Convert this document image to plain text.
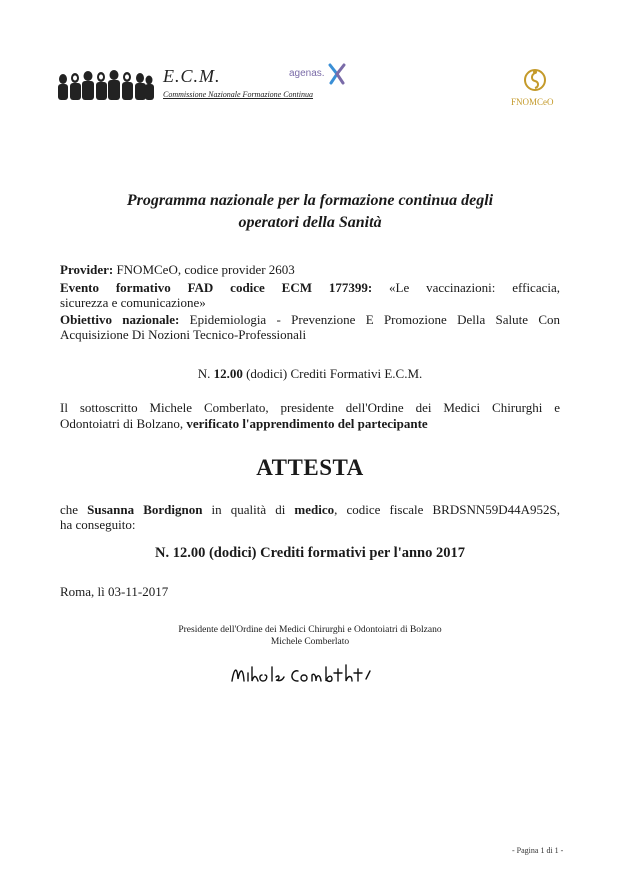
E.C.M.
Commissione Nazionale Formazione Continua
agenas.
FNOMCeO
Programma nazionale per la formazione continua degli
operatori della Sanità
Provider: FNOMCeO, codice provider 2603
Evento formativo FAD codice ECM 177399: «Le vaccinazioni: efficacia,
sicurezza e comunicazione»
Obiettivo nazionale: Epidemiologia - Prevenzione E Promozione Della Salute Con
Acquisizione Di Nozioni Tecnico-Professionali
N. 12.00 (dodici) Crediti Formativi E.C.M.
Il sottoscritto Michele Comberlato, presidente dell'Ordine dei Medici Chirurghi e
Odontoiatri di Bolzano, verificato l'apprendimento del partecipante
ATTESTA
che Susanna Bordignon in qualità di medico, codice fiscale BRDSNN59D44A952S,
ha conseguito:
N. 12.00 (dodici) Crediti formativi per l'anno 2017
Roma, lì 03-11-2017
Presidente dell'Ordine dei Medici Chirurghi e Odontoiatri di Bolzano
Michele Comberlato
- Pagina 1 di 1 -
